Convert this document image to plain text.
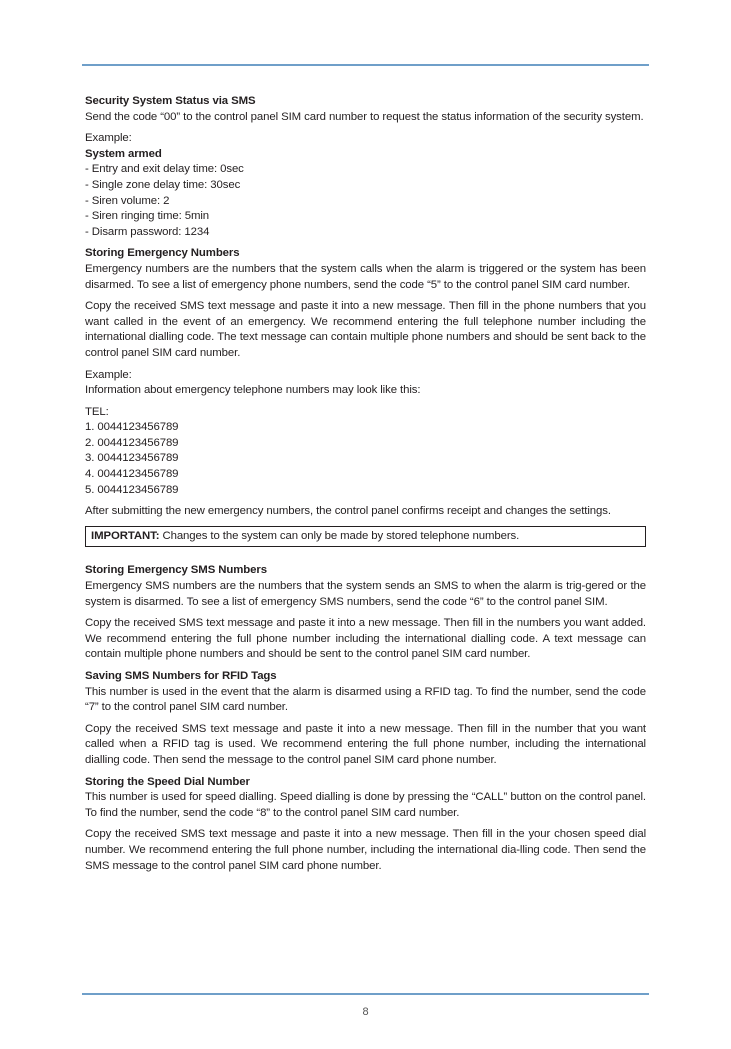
Security System Status via SMS

Send the code “00” to the control panel SIM card number to request the status information of the security system.

Example:
System armed
- Entry and exit delay time: 0sec
- Single zone delay time: 30sec
- Siren volume: 2
- Siren ringing time: 5min
- Disarm password: 1234
Storing Emergency Numbers

Emergency numbers are the numbers that the system calls when the alarm is triggered or the system has been disarmed. To see a list of emergency phone numbers, send the code “5” to the control panel SIM card number.

Copy the received SMS text message and paste it into a new message. Then fill in the phone numbers that you want called in the event of an emergency. We recommend entering the full telephone number including the international dialling code. The text message can contain multiple phone numbers and should be sent back to the control panel SIM card number.

Example:

Information about emergency telephone numbers may look like this:

TEL:
1. 0044123456789
2. 0044123456789
3. 0044123456789
4. 0044123456789
5. 0044123456789

After submitting the new emergency numbers, the control panel confirms receipt and changes the settings.

IMPORTANT: Changes to the system can only be made by stored telephone numbers.
Storing Emergency SMS Numbers

Emergency SMS numbers are the numbers that the system sends an SMS to when the alarm is trig-gered or the system is disarmed. To see a list of emergency SMS numbers, send the code “6” to the control panel SIM.

Copy the received SMS text message and paste it into a new message. Then fill in the numbers you want added. We recommend entering the full phone number including the international dialling code. A text message can contain multiple phone numbers and should be sent to the control panel SIM card number.

Saving SMS Numbers for RFID Tags

This number is used in the event that the alarm is disarmed using a RFID tag. To find the number, send the code “7” to the control panel SIM card number.

Copy the received SMS text message and paste it into a new message. Then fill in the number that you want called when a RFID tag is used. We recommend entering the full phone number, including the international dialling code. Then send the message to the control panel SIM card phone number.

Storing the Speed Dial Number

This number is used for speed dialling. Speed dialling is done by pressing the “CALL” button on the control panel. To find the number, send the code “8” to the control panel SIM card number.

Copy the received SMS text message and paste it into a new message. Then fill in the your chosen speed dial number. We recommend entering the full phone number, including the international dia-lling code. Then send the SMS message to the control panel SIM card phone number.

8
